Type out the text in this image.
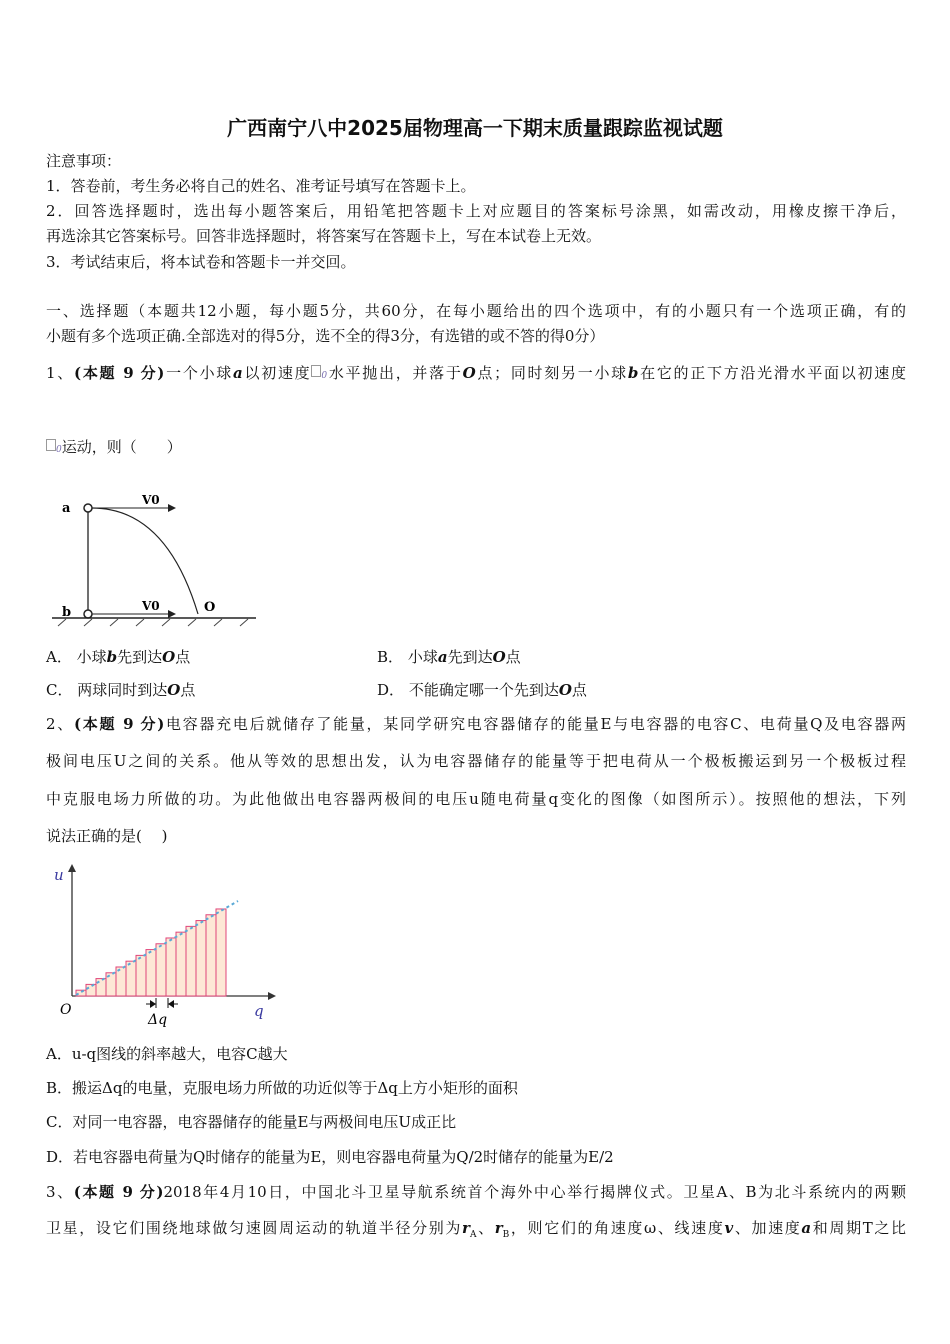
广西南宁八中2025届物理高一下期末质量跟踪监视试题
注意事项：
1．答卷前，考生务必将自己的姓名、准考证号填写在答题卡上。
2．回答选择题时，选出每小题答案后，用铅笔把答题卡上对应题目的答案标号涂黑，如需改动，用橡皮擦干净后，
再选涂其它答案标号。回答非选择题时，将答案写在答题卡上，写在本试卷上无效。
3．考试结束后，将本试卷和答题卡一并交回。
一、选择题（本题共12小题，每小题5分，共60分，在每小题给出的四个选项中，有的小题只有一个选项正确，有的
小题有多个选项正确.全部选对的得5分，选不全的得3分，有选错的或不答的得0分）
1、(本题 9 分)一个小球a以初速度 0水平抛出，并落于O点；同时刻另一小球b在它的正下方沿光滑水平面以初速度
0运动，则（　　）
a
b
V0
V0	O
A． 小球b先到达O点	B． 小球a先到达O点
C． 两球同时到达O点	D． 不能确定哪一个先到达O点
2、(本题 9 分)电容器充电后就储存了能量，某同学研究电容器储存的能量E与电容器的电容C、电荷量Q及电容器两
极间电压U之间的关系。他从等效的思想出发，认为电容器储存的能量等于把电荷从一个极板搬运到另一个极板过程
中克服电场力所做的功。为此他做出电容器两极间的电压u随电荷量q变化的图像（如图所示）。按照他的想法，下列
说法正确的是(　 )
u
q
O
Δq
A．u-q图线的斜率越大，电容C越大
B．搬运Δq的电量，克服电场力所做的功近似等于Δq上方小矩形的面积
C．对同一电容器，电容器储存的能量E与两极间电压U成正比
D．若电容器电荷量为Q时储存的能量为E，则电容器电荷量为Q/2时储存的能量为E/2
3、(本题 9 分)2018年4月10日，中国北斗卫星导航系统首个海外中心举行揭牌仪式。卫星A、B为北斗系统内的两颗
卫星，设它们围绕地球做匀速圆周运动的轨道半径分别为$r_A$、$r_B$，则它们的角速度ω、线速度v、加速度a和周期T之比
